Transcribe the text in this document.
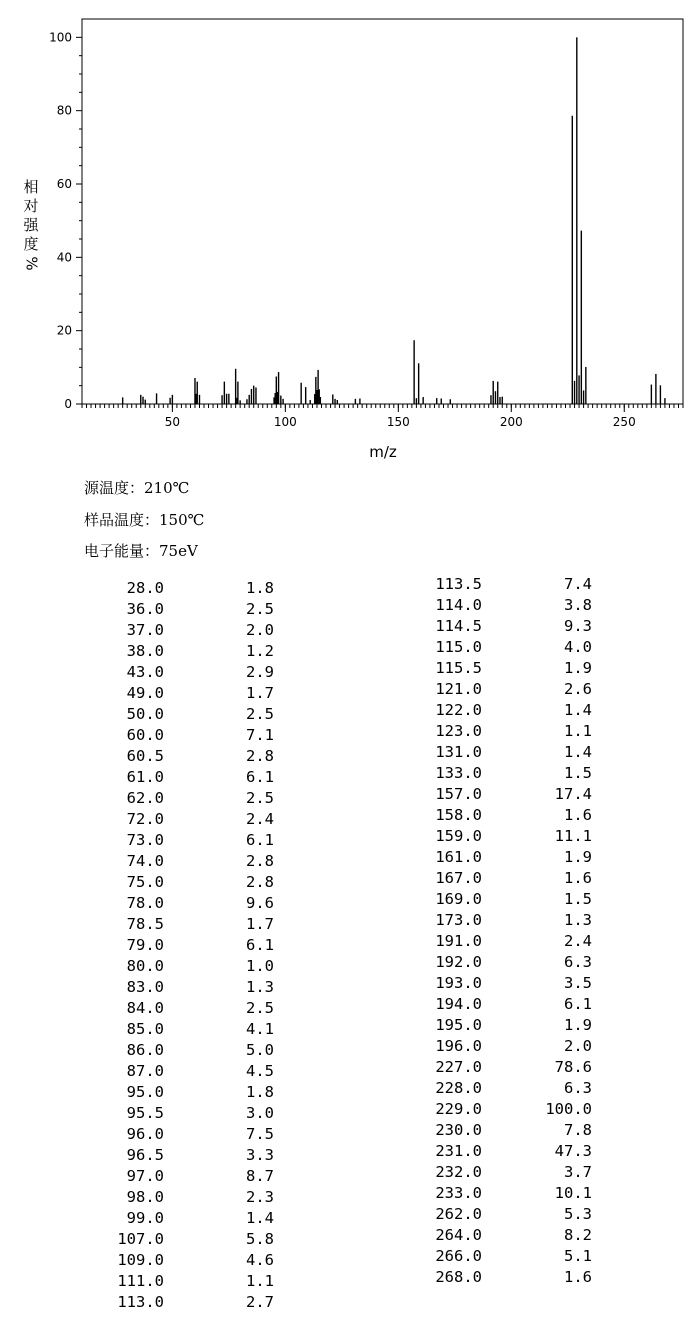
0
20
40
60
80
100
50	100	150	200	250
m/z
相
对
强
度
%
源温度：210℃
样品温度：150℃
电子能量：75eV
28.0	1.8
36.0	2.5
37.0	2.0
38.0	1.2
43.0	2.9
49.0	1.7
50.0	2.5
60.0	7.1
60.5	2.8
61.0	6.1
62.0	2.5
72.0	2.4
73.0	6.1
74.0	2.8
75.0	2.8
78.0	9.6
78.5	1.7
79.0	6.1
80.0	1.0
83.0	1.3
84.0	2.5
85.0	4.1
86.0	5.0
87.0	4.5
95.0	1.8
95.5	3.0
96.0	7.5
96.5	3.3
97.0	8.7
98.0	2.3
99.0	1.4
107.0	5.8
109.0	4.6
111.0	1.1
113.0	2.7
113.5	7.4
114.0	3.8
114.5	9.3
115.0	4.0
115.5	1.9
121.0	2.6
122.0	1.4
123.0	1.1
131.0	1.4
133.0	1.5
157.0	17.4
158.0	1.6
159.0	11.1
161.0	1.9
167.0	1.6
169.0	1.5
173.0	1.3
191.0	2.4
192.0	6.3
193.0	3.5
194.0	6.1
195.0	1.9
196.0	2.0
227.0	78.6
228.0	6.3
229.0	100.0
230.0	7.8
231.0	47.3
232.0	3.7
233.0	10.1
262.0	5.3
264.0	8.2
266.0	5.1
268.0	1.6
